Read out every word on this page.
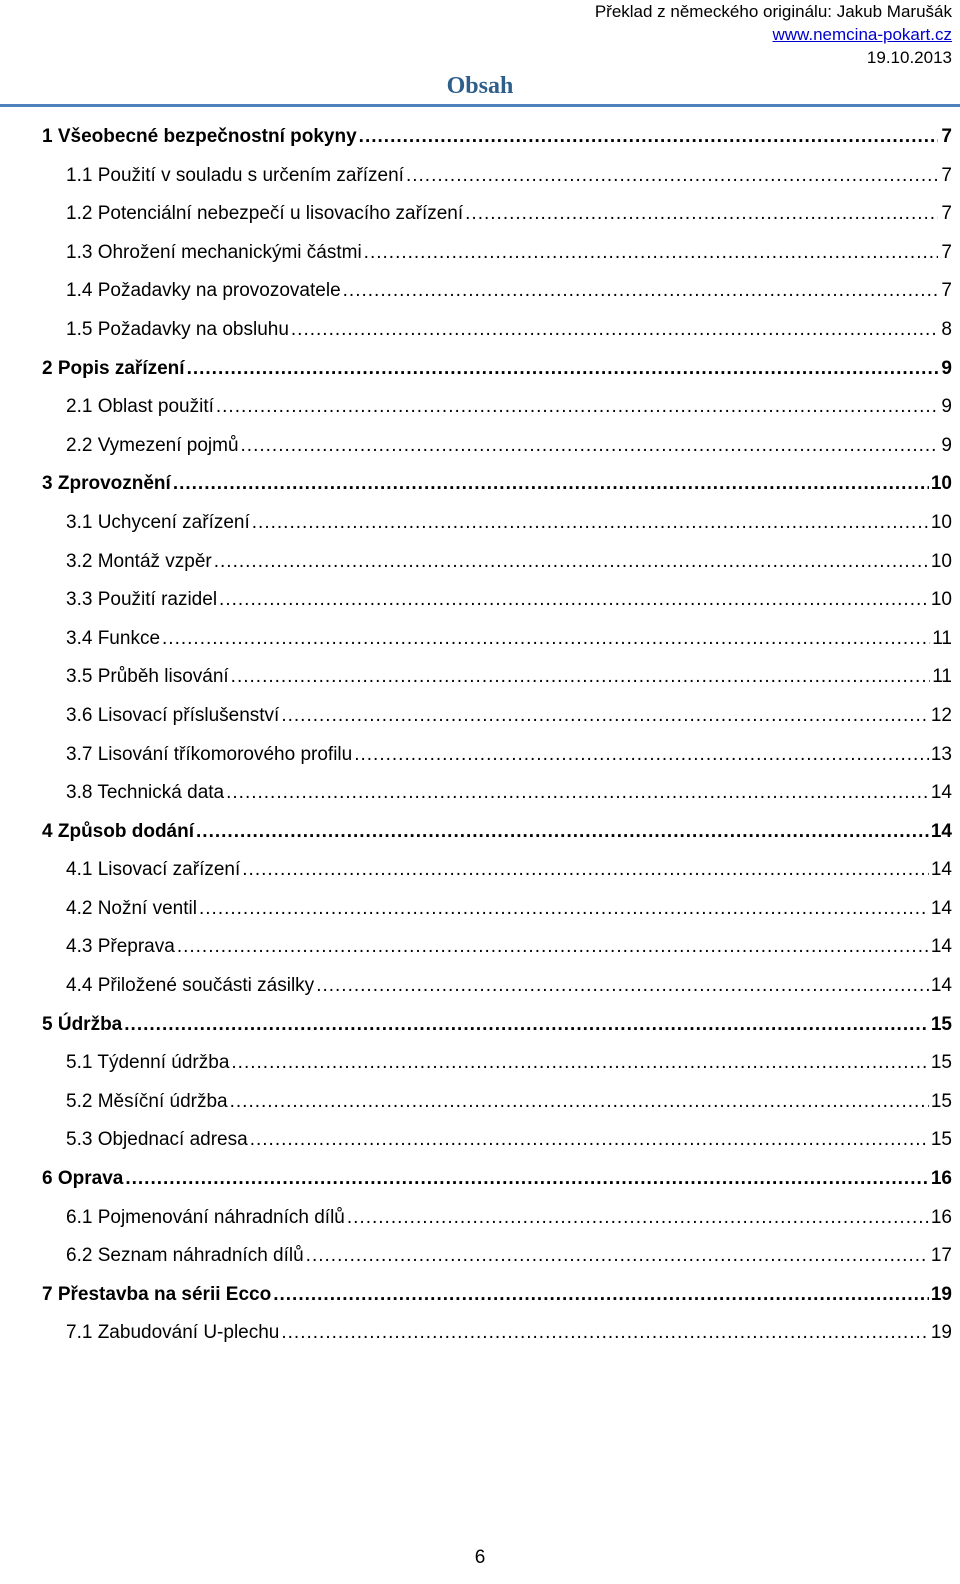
Překlad z německého originálu: Jakub Marušák
www.nemcina-pokart.cz
19.10.2013
Obsah
1 Všeobecné bezpečnostní pokyny .....	7
1.1 Použití v souladu s určením zařízení .....	7
1.2 Potenciální nebezpečí u lisovacího zařízení .....	7
1.3 Ohrožení mechanickými částmi .....	7
1.4 Požadavky na provozovatele .....	7
1.5 Požadavky na obsluhu .....	8
2 Popis zařízení .....	9
2.1 Oblast použití .....	9
2.2 Vymezení pojmů .....	9
3 Zprovoznění .....	10
3.1 Uchycení zařízení .....	10
3.2 Montáž vzpěr .....	10
3.3 Použití razidel .....	10
3.4 Funkce .....	11
3.5 Průběh lisování .....	11
3.6 Lisovací příslušenství .....	12
3.7 Lisování tříkomorového profilu .....	13
3.8 Technická data .....	14
4 Způsob dodání .....	14
4.1 Lisovací zařízení .....	14
4.2 Nožní ventil .....	14
4.3 Přeprava .....	14
4.4 Přiložené součásti zásilky .....	14
5 Údržba .....	15
5.1 Týdenní údržba .....	15
5.2 Měsíční údržba .....	15
5.3 Objednací adresa .....	15
6 Oprava .....	16
6.1 Pojmenování náhradních dílů .....	16
6.2 Seznam náhradních dílů .....	17
7 Přestavba na sérii Ecco .....	19
7.1 Zabudování U-plechu .....	19
6
